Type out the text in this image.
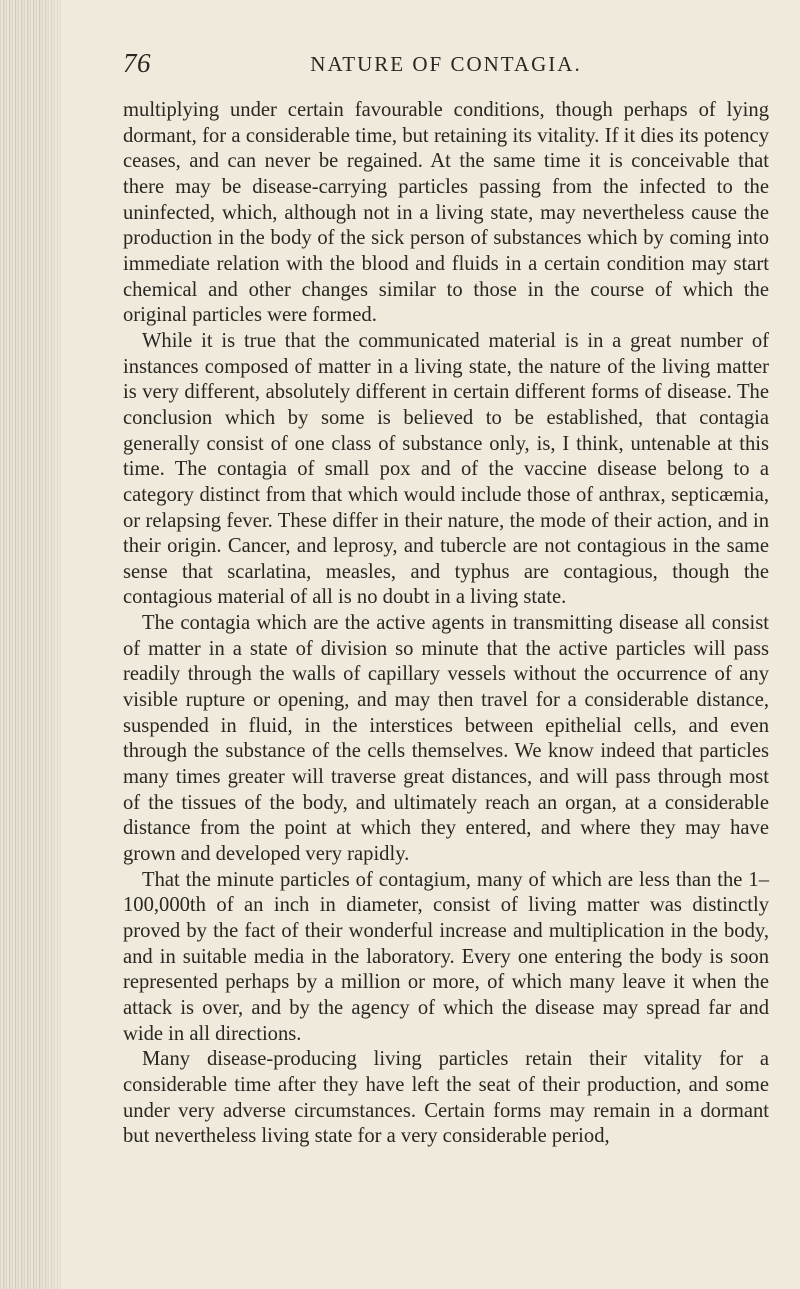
76	NATURE OF CONTAGIA.

multiplying under certain favourable conditions, though perhaps of lying dormant, for a considerable time, but retaining its vitality. If it dies its potency ceases, and can never be regained. At the same time it is conceivable that there may be disease-carrying particles passing from the infected to the uninfected, which, although not in a living state, may nevertheless cause the production in the body of the sick person of substances which by coming into immediate relation with the blood and fluids in a certain condition may start chemical and other changes similar to those in the course of which the original particles were formed.

While it is true that the communicated material is in a great number of instances composed of matter in a living state, the nature of the living matter is very different, absolutely different in certain different forms of disease. The conclusion which by some is believed to be established, that contagia generally consist of one class of substance only, is, I think, untenable at this time. The contagia of small pox and of the vaccine disease belong to a category distinct from that which would include those of anthrax, septicæmia, or relapsing fever. These differ in their nature, the mode of their action, and in their origin. Cancer, and leprosy, and tubercle are not contagious in the same sense that scarlatina, measles, and typhus are contagious, though the contagious material of all is no doubt in a living state.

The contagia which are the active agents in transmitting disease all consist of matter in a state of division so minute that the active particles will pass readily through the walls of capillary vessels without the occurrence of any visible rupture or opening, and may then travel for a considerable distance, suspended in fluid, in the interstices between epithelial cells, and even through the substance of the cells themselves. We know indeed that particles many times greater will traverse great distances, and will pass through most of the tissues of the body, and ultimately reach an organ, at a considerable distance from the point at which they entered, and where they may have grown and developed very rapidly.

That the minute particles of contagium, many of which are less than the 1–100,000th of an inch in diameter, consist of living matter was distinctly proved by the fact of their wonderful increase and multiplication in the body, and in suitable media in the laboratory. Every one entering the body is soon represented perhaps by a million or more, of which many leave it when the attack is over, and by the agency of which the disease may spread far and wide in all directions.

Many disease-producing living particles retain their vitality for a considerable time after they have left the seat of their production, and some under very adverse circumstances. Certain forms may remain in a dormant but nevertheless living state for a very considerable period,
